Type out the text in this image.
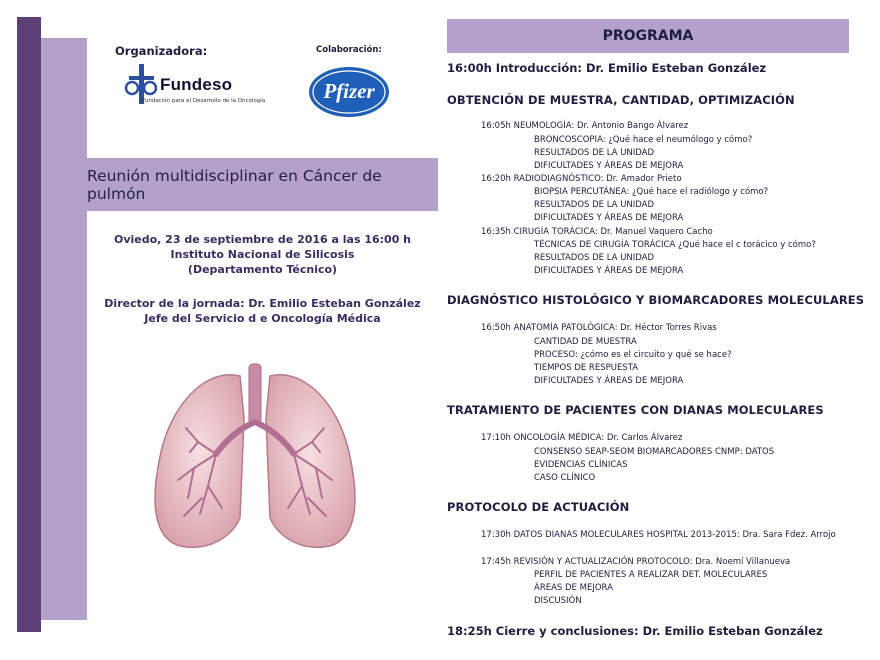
Organizadora:	Colaboración:
Fundeso
Fundación para el Desarrollo de la Oncología	Pfizer
Reunión multidisciplinar en Cáncer de pulmón
Oviedo, 23 de septiembre de 2016 a las 16:00 h
Instituto Nacional de Silicosis
(Departamento Técnico)
Director de la jornada: Dr. Emilio Esteban González
Jefe del Servicio d e Oncología Médica
PROGRAMA
16:00h Introducción: Dr. Emilio Esteban González
OBTENCIÓN DE MUESTRA, CANTIDAD, OPTIMIZACIÓN
16:05h NEUMOLOGÍA: Dr. Antonio Bango Álvarez
BRONCOSCOPIA: ¿Qué hace el neumólogo y cómo?
RESULTADOS DE LA UNIDAD
DIFICULTADES Y ÁREAS DE MEJORA
16:20h RADIODIAGNÓSTICO: Dr. Amador Prieto
BIOPSIA PERCUTÁNEA: ¿Qué hace el radiólogo y cómo?
RESULTADOS DE LA UNIDAD
DIFICULTADES Y ÁREAS DE MEJORA
16:35h CIRUGÍA TORÁCICA: Dr. Manuel Vaquero Cacho
TÉCNICAS DE CIRUGÍA TORÁCICA ¿Qué hace el c torácico y cómo?
RESULTADOS DE LA UNIDAD
DIFICULTADES Y ÁREAS DE MEJORA
DIAGNÓSTICO HISTOLÓGICO Y BIOMARCADORES MOLECULARES
16:50h ANATOMÍA PATOLÓGICA: Dr. Héctor Torres Rivas
CANTIDAD DE MUESTRA
PROCESO: ¿cómo es el circuito y qué se hace?
TIEMPOS DE RESPUESTA
DIFICULTADES Y ÁREAS DE MEJORA
TRATAMIENTO DE PACIENTES CON DIANAS MOLECULARES
17:10h ONCOLOGÍA MÉDICA: Dr. Carlos Álvarez
CONSENSO SEAP-SEOM BIOMARCADORES CNMP: DATOS
EVIDENCIAS CLÍNICAS
CASO CLÍNICO
PROTOCOLO DE ACTUACIÓN
17:30h DATOS DIANAS MOLECULARES HOSPITAL 2013-2015: Dra. Sara Fdez. Arrojo
17:45h REVISIÓN Y ACTUALIZACIÓN PROTOCOLO: Dra. Noemí Villanueva
PERFIL DE PACIENTES A REALIZAR DET. MOLECULARES
ÁREAS DE MEJORA
DISCUSIÓN
18:25h Cierre y conclusiones: Dr. Emilio Esteban González
